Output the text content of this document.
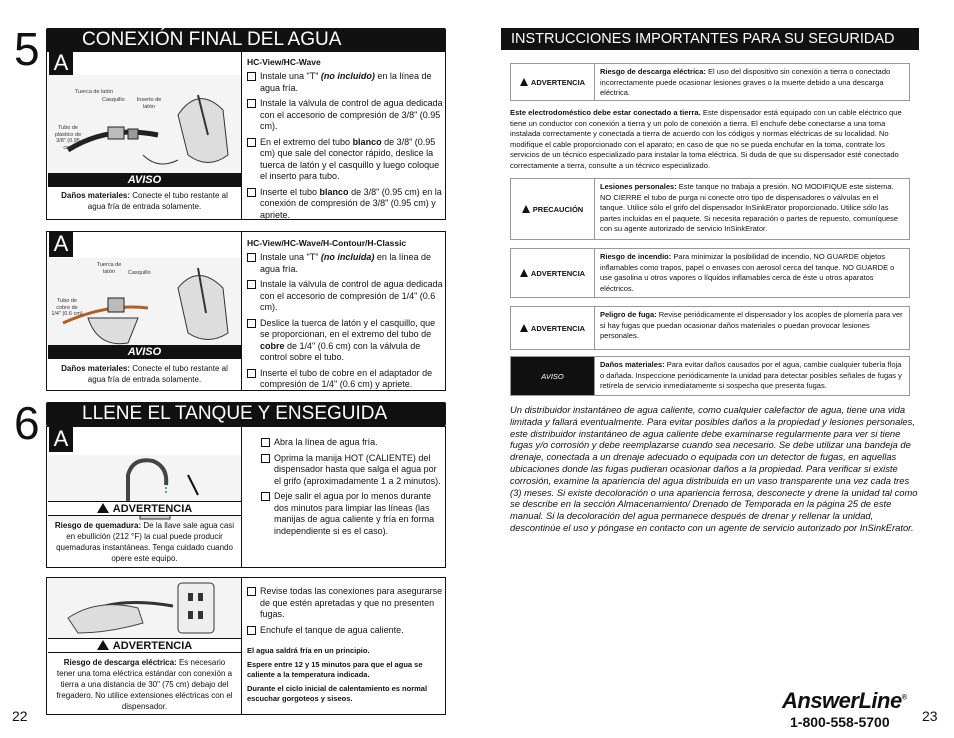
5	CONEXIÓN FINAL DEL AGUA
A
Tuerca de latón
Casquillo	Inserto de latón
Tubo de plástico de 3/8" (0.95 cm)
AVISO
Daños materiales: Conecte el tubo restante al agua fría de entrada solamente.
HC-View/HC-Wave
Instale una "T" (no incluido) en la línea de agua fría.
Instale la válvula de control de agua dedicada con el accesorio de compresión de 3/8" (0.95 cm).
En el extremo del tubo blanco de 3/8" (0.95 cm) que sale del conector rápido, deslice la tuerca de latón y el casquillo y luego coloque el inserto para tubo.
Inserte el tubo blanco de 3/8" (0.95 cm) en la conexión de compresión de 3/8" (0.95 cm) y apriete.
A
Tuerca de latón	Casquillo
Tubo de cobre de 1/4" (0.6 cm)
AVISO
Daños materiales: Conecte el tubo restante al agua fría de entrada solamente.
HC-View/HC-Wave/H-Contour/H-Classic
Instale una "T" (no incluida) en la línea de agua fría.
Instale la válvula de control de agua dedicada con el accesorio de compresión de 1/4" (0.6 cm).
Deslice la tuerca de latón y el casquillo, que se proporcionan, en el extremo del tubo de cobre de 1/4" (0.6 cm) con la válvula de control sobre el tubo.
Inserte el tubo de cobre en el adaptador de compresión de 1/4" (0.6 cm) y apriete.
6	LLENE EL TANQUE Y ENSEGUIDA ENCHÚFELO
A
ADVERTENCIA
Riesgo de quemadura: De la llave sale agua casi en ebullición (212 °F) la cual puede producir quemaduras instantáneas. Tenga cuidado cuando opere este equipo.
Abra la línea de agua fría.
Oprima la manija HOT (CALIENTE) del dispensador hasta que salga el agua por el grifo (aproximadamente 1 a 2 minutos).
Deje salir el agua por lo menos durante dos minutos para limpiar las líneas (las manijas de agua caliente y fría en forma independiente si es el caso).
ADVERTENCIA
Riesgo de descarga eléctrica: Es necesario tener una toma eléctrica estándar con conexión a tierra a una distancia de 30" (75 cm) debajo del fregadero. No utilice extensiones eléctricas con el dispensador.
Revise todas las conexiones para asegurarse de que estén apretadas y que no presenten fugas.
Enchufe el tanque de agua caliente.
El agua saldrá fría en un principio.
Espere entre 12 y 15 minutos para que el agua se caliente a la temperatura indicada.
Durante el ciclo inicial de calentamiento es normal escuchar gorgoteos y siseos.
22
INSTRUCCIONES IMPORTANTES PARA SU SEGURIDAD
ADVERTENCIA
Riesgo de descarga eléctrica: El uso del dispositivo sin conexión a tierra o conectado incorrectamente puede ocasionar lesiones graves o la muerte debido a una descarga eléctrica.
Este electrodoméstico debe estar conectado a tierra. Este dispensador está equipado con un cable eléctrico que tiene un conductor con conexión a tierra y un polo de conexión a tierra. El enchufe debe conectarse a una toma instalada correctamente y conectada a tierra de acuerdo con los códigos y normas eléctricas de su localidad. No modifique el cable proporcionado con el aparato; en caso de que no se pueda enchufar en la toma, contrate los servicios de un técnico especializado para instalar la toma eléctrica. Si duda de que su dispensador esté conectado correctamente a tierra, consulte a un técnico especializado.
PRECAUCIÓN
Lesiones personales: Este tanque no trabaja a presión. NO MODIFIQUE este sistema. NO CIERRE el tubo de purga ni conecte otro tipo de dispensadores o válvulas en el tanque. Utilice sólo el grifo del dispensador InSinkErator proporcionado. Utilice sólo las partes incluidas en el paquete. Si necesita reparación o partes de repuesto, comuníquese con su agente autorizado de servicio InSinkErator.
ADVERTENCIA
Riesgo de incendio: Para minimizar la posibilidad de incendio, NO GUARDE objetos inflamables como trapos, papel o envases con aerosol cerca del tanque. NO GUARDE o use gasolina u otros vapores o líquidos inflamables cerca de éste u otros aparatos eléctricos.
ADVERTENCIA
Peligro de fuga: Revise periódicamente el dispensador y los acoples de plomería para ver si hay fugas que puedan ocasionar daños materiales o puedan provocar lesiones personales.
AVISO
Daños materiales: Para evitar daños causados por el agua, cambie cualquier tubería floja o dañada. Inspeccione periódicamente la unidad para detectar posibles señales de fugas y retírela de servicio inmediatamente si sospecha que presenta fugas.
Un distribuidor instantáneo de agua caliente, como cualquier calefactor de agua, tiene una vida limitada y fallará eventualmente. Para evitar posibles daños a la propiedad y lesiones personales, este distribuidor instantáneo de agua caliente debe examinarse regularmente para ver si tiene fugas y/o corrosión y debe reemplazarse cuando sea necesario. Se debe utilizar una bandeja de drenaje, conectada a un drenaje adecuado o equipada con un detector de fugas, en aquellas ubicaciones donde las fugas pudieran ocasionar daños a la propiedad. Para verificar si existe corrosión, examine la apariencia del agua distribuida en un vaso transparente una vez cada tres (3) meses. Si existe decoloración o una apariencia ferrosa, desconecte y drene la unidad tal como se describe en la sección Almacenamiento/ Drenado de Temporada en la página 25 de este manual. Si la decoloración del agua permanece después de drenar y rellenar la unidad, descontinúe el uso y póngase en contacto con un agente de servicio autorizado por InSinkErator.
AnswerLine®
1-800-558-5700 23
